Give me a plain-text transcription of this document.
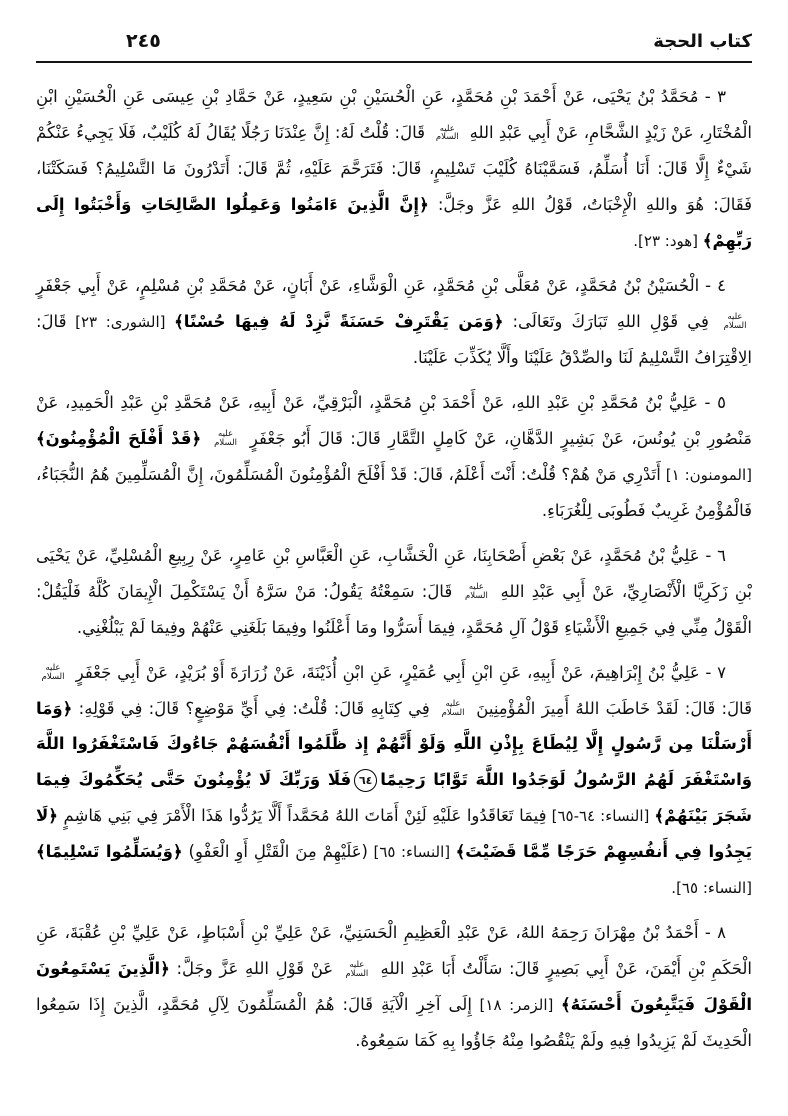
كتاب الحجة
٢٤٥

٣ - مُحَمَّدُ بْنُ يَحْيَى، عَنْ أَحْمَدَ بْنِ مُحَمَّدٍ، عَنِ الْحُسَيْنِ بْنِ سَعِيدٍ، عَنْ حَمَّادِ بْنِ عِيسَى عَنِ الْحُسَيْنِ ابْنِ الْمُخْتَارِ، عَنْ زَيْدٍ الشَّحَّامِ، عَنْ أَبِي عَبْدِ اللهِ عليه السلام قَالَ: قُلْتُ لَهُ: إِنَّ عِنْدَنَا رَجُلًا يُقَالُ لَهُ كُلَيْبٌ، فَلَا يَجِيءُ عَنْكُمْ شَيْءٌ إِلَّا قَالَ: أَنَا أُسَلِّمُ، فَسَمَّيْنَاهُ كُلَيْبَ تَسْلِيمٍ، قَالَ: فَتَرَحَّمَ عَلَيْهِ، ثُمَّ قَالَ: أَتَدْرُونَ مَا التَّسْلِيمُ؟ فَسَكَتْنَا، فَقَالَ: هُوَ واللهِ الْإِخْبَاتُ، قَوْلُ اللهِ عَزَّ وجَلَّ: ﴿إِنَّ الَّذِينَ ءَامَنُوا وَعَمِلُوا الصَّالِحَاتِ وَأَخْبَتُوا إِلَى رَبِّهِمْ﴾ [هود: ٢٣].

٤ - الْحُسَيْنُ بْنُ مُحَمَّدٍ، عَنْ مُعَلَّى بْنِ مُحَمَّدٍ، عَنِ الْوَشَّاءِ، عَنْ أَبَانٍ، عَنْ مُحَمَّدِ بْنِ مُسْلِمٍ، عَنْ أَبِي جَعْفَرٍ عليه السلام فِي قَوْلِ اللهِ تَبَارَكَ وتَعَالَى: ﴿وَمَن يَقْتَرِفْ حَسَنَةً نَّزِدْ لَهُ فِيهَا حُسْنًا﴾ [الشورى: ٢٣] قَالَ: الِاقْتِرَافُ التَّسْلِيمُ لَنَا والصِّدْقُ عَلَيْنَا وأَلَّا يُكَذِّبَ عَلَيْنَا.

٥ - عَلِيُّ بْنُ مُحَمَّدِ بْنِ عَبْدِ اللهِ، عَنْ أَحْمَدَ بْنِ مُحَمَّدٍ، الْبَرْقِيِّ، عَنْ أَبِيهِ، عَنْ مُحَمَّدِ بْنِ عَبْدِ الْحَمِيدِ، عَنْ مَنْصُورِ بْنِ يُونُسَ، عَنْ بَشِيرٍ الدَّهَّانِ، عَنْ كَامِلٍ التَّمَّارِ قَالَ: قَالَ أَبُو جَعْفَرٍ عليه السلام ﴿قَدْ أَفْلَحَ الْمُؤْمِنُونَ﴾ [المومنون: ١] أَتَدْرِي مَنْ هُمْ؟ قُلْتُ: أَنْتَ أَعْلَمُ، قَالَ: قَدْ أَفْلَحَ الْمُؤْمِنُونَ الْمُسَلِّمُونَ، إِنَّ الْمُسَلِّمِينَ هُمُ النُّجَبَاءُ، فَالْمُؤْمِنُ غَرِيبٌ فَطُوبَى لِلْغُرَبَاءِ.

٦ - عَلِيُّ بْنُ مُحَمَّدٍ، عَنْ بَعْضِ أَصْحَابِنَا، عَنِ الْخَشَّابِ، عَنِ الْعَبَّاسِ بْنِ عَامِرٍ، عَنْ رِبِيعِ الْمُسْلِيِّ، عَنْ يَحْيَى بْنِ زَكَرِيَّا الْأَنْصَارِيِّ، عَنْ أَبِي عَبْدِ اللهِ عليه السلام قَالَ: سَمِعْتُهُ يَقُولُ: مَنْ سَرَّهُ أَنْ يَسْتَكْمِلَ الْإِيمَانَ كُلَّهُ فَلْيَقُلْ: الْقَوْلُ مِنِّي فِي جَمِيعِ الْأَشْيَاءِ قَوْلُ آلِ مُحَمَّدٍ، فِيمَا أَسَرُّوا ومَا أَعْلَنُوا وفِيمَا بَلَغَنِي عَنْهُمْ وفِيمَا لَمْ يَبْلُغْنِي.

٧ - عَلِيُّ بْنُ إِبْرَاهِيمَ، عَنْ أَبِيهِ، عَنِ ابْنِ أَبِي عُمَيْرٍ، عَنِ ابْنِ أُذَيْنَةَ، عَنْ زُرَارَةَ أَوْ بُرَيْدٍ، عَنْ أَبِي جَعْفَرٍ عليه السلام قَالَ: قَالَ: لَقَدْ خَاطَبَ اللهُ أَمِيرَ الْمُؤْمِنِينَ عليه السلام فِي كِتَابِهِ قَالَ: قُلْتُ: فِي أَيِّ مَوْضِعٍ؟ قَالَ: فِي قَوْلِهِ: ﴿وَمَا أَرْسَلْنَا مِن رَّسُولٍ إِلَّا لِيُطَاعَ بِإِذْنِ اللَّهِ وَلَوْ أَنَّهُمْ إِذ ظَّلَمُوا أَنْفُسَهُمْ جَاءُوكَ فَاسْتَغْفَرُوا اللَّهَ وَاسْتَغْفَرَ لَهُمُ الرَّسُولُ لَوَجَدُوا اللَّهَ تَوَّابًا رَحِيمًا٦٤فَلَا وَرَبِّكَ لَا يُؤْمِنُونَ حَتَّى يُحَكِّمُوكَ فِيمَا شَجَرَ بَيْنَهُمْ﴾ [النساء: ٦٤-٦٥] فِيمَا تَعَاقَدُوا عَلَيْهِ لَئِنْ أَمَاتَ اللهُ مُحَمَّداً أَلَّا يَرُدُّوا هَذَا الْأَمْرَ فِي بَنِي هَاشِمٍ ﴿لَا يَجِدُوا فِي أَنفُسِهِمْ حَرَجًا مِّمَّا قَضَيْتَ﴾ [النساء: ٦٥] (عَلَيْهِمْ مِنَ الْقَتْلِ أَوِ الْعَفْوِ) ﴿وَيُسَلِّمُوا تَسْلِيمًا﴾ [النساء: ٦٥].

٨ - أَحْمَدُ بْنُ مِهْرَانَ رَحِمَهُ اللهُ، عَنْ عَبْدِ الْعَظِيمِ الْحَسَنِيِّ، عَنْ عَلِيِّ بْنِ أَسْبَاطٍ، عَنْ عَلِيِّ بْنِ عُقْبَةَ، عَنِ الْحَكَمِ بْنِ أَيْمَنَ، عَنْ أَبِي بَصِيرٍ قَالَ: سَأَلْتُ أَبَا عَبْدِ اللهِ عليه السلام عَنْ قَوْلِ اللهِ عَزَّ وجَلَّ: ﴿الَّذِينَ يَسْتَمِعُونَ الْقَوْلَ فَيَتَّبِعُونَ أَحْسَنَهُ﴾ [الزمر: ١٨] إِلَى آخِرِ الْآيَةِ قَالَ: هُمُ الْمُسَلِّمُونَ لِآلِ مُحَمَّدٍ، الَّذِينَ إِذَا سَمِعُوا الْحَدِيثَ لَمْ يَزِيدُوا فِيهِ ولَمْ يَنْقُصُوا مِنْهُ جَاؤُوا بِهِ كَمَا سَمِعُوهُ.
